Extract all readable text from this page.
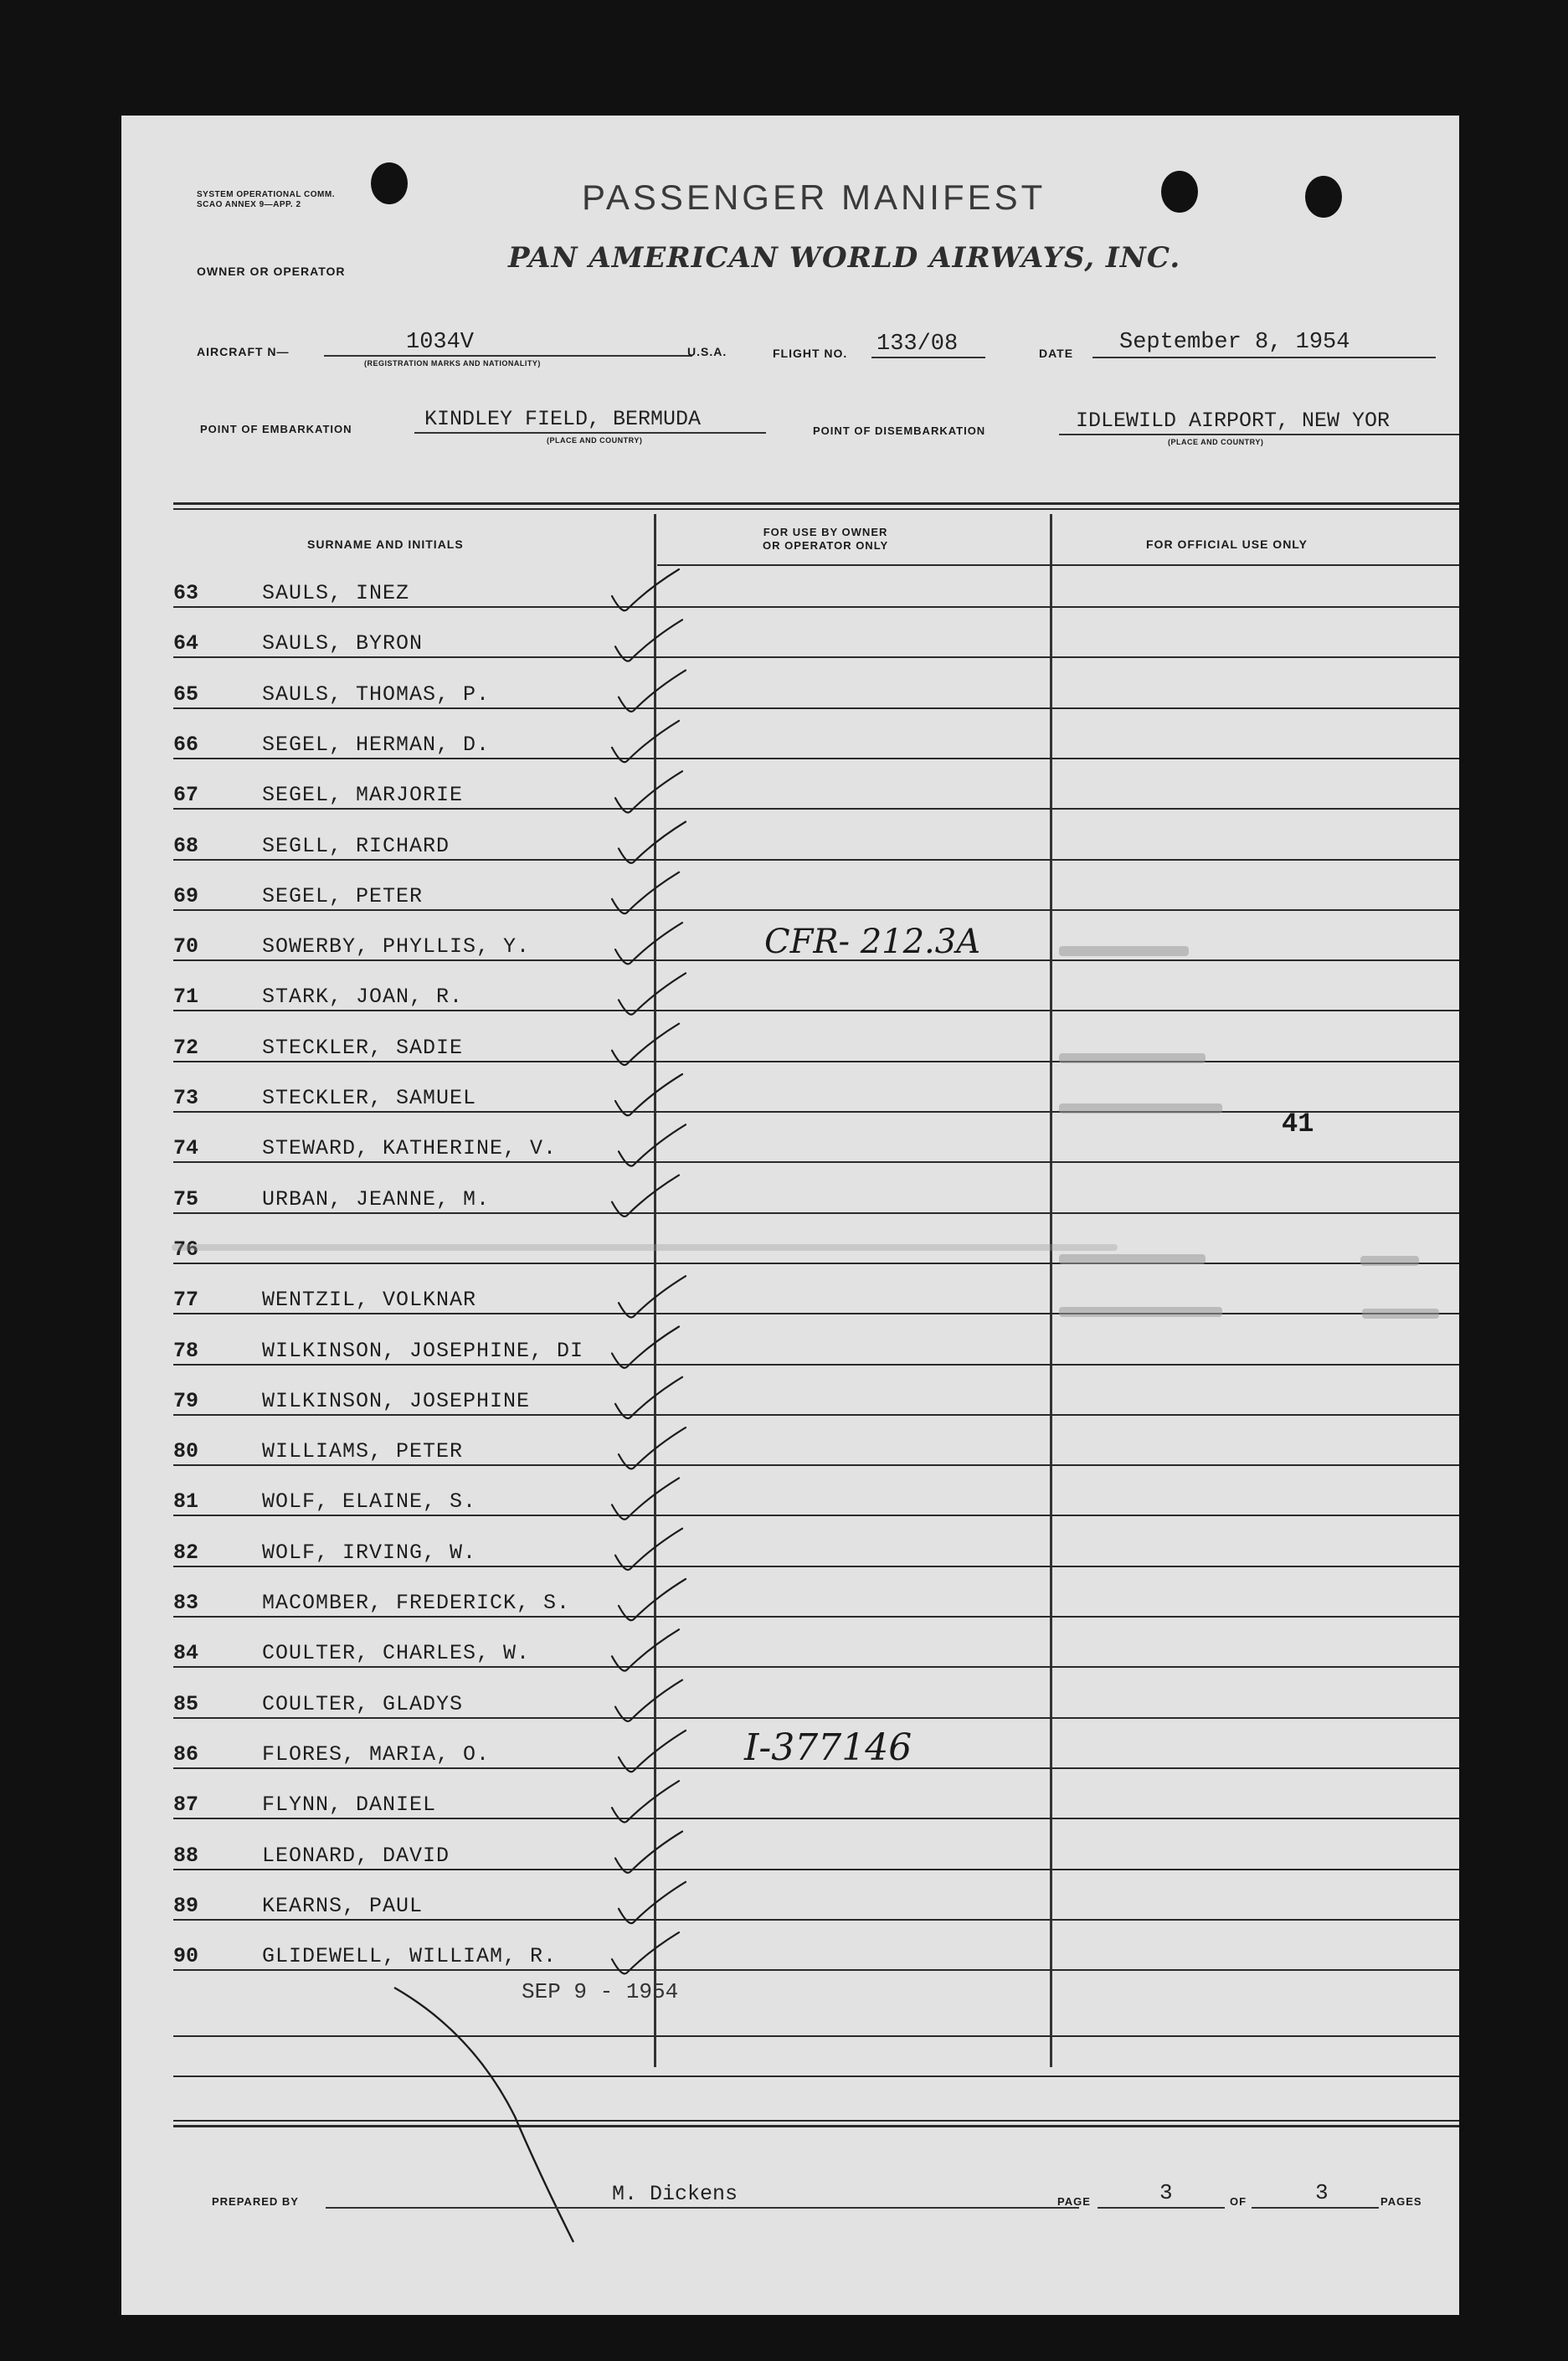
SYSTEM OPERATIONAL COMM.
SCAO ANNEX 9—APP. 2	PASSENGER MANIFEST
OWNER OR OPERATOR	PAN AMERICAN WORLD AIRWAYS, INC.
AIRCRAFT N—	1034V
(REGISTRATION MARKS AND NATIONALITY)
U.S.A.	FLIGHT NO. 133/08	DATE September 8, 1954
POINT OF EMBARKATION	KINDLEY FIELD, BERMUDA
(PLACE AND COUNTRY)
POINT OF DISEMBARKATION	IDLEWILD AIRPORT, NEW YOR
(PLACE AND COUNTRY)
SURNAME AND INITIALS
FOR USE BY OWNER
OR OPERATOR ONLY	FOR OFFICIAL USE ONLY
63	SAULS, INEZ
64	SAULS, BYRON
65	SAULS, THOMAS, P.
66	SEGEL, HERMAN, D.
67	SEGEL, MARJORIE
68	SEGLL, RICHARD
69	SEGEL, PETER
70	SOWERBY, PHYLLIS, Y.
71	STARK, JOAN, R.
72	STECKLER, SADIE
73	STECKLER, SAMUEL
74	STEWARD, KATHERINE, V.
75	URBAN, JEANNE, M.
76
77	WENTZIL, VOLKNAR
78	WILKINSON, JOSEPHINE, DI
79	WILKINSON, JOSEPHINE
80	WILLIAMS, PETER
81	WOLF, ELAINE, S.
82	WOLF, IRVING, W.
83	MACOMBER, FREDERICK, S.
84	COULTER, CHARLES, W.
85	COULTER, GLADYS
86	FLORES, MARIA, O.
87	FLYNN, DANIEL
88	LEONARD, DAVID
89	KEARNS, PAUL
90	GLIDEWELL, WILLIAM, R.
CFR- 212.3A
I-377146
41
SEP 9 - 1954
PREPARED BY	M. Dickens	PAGE	3	OF	3	PAGES
